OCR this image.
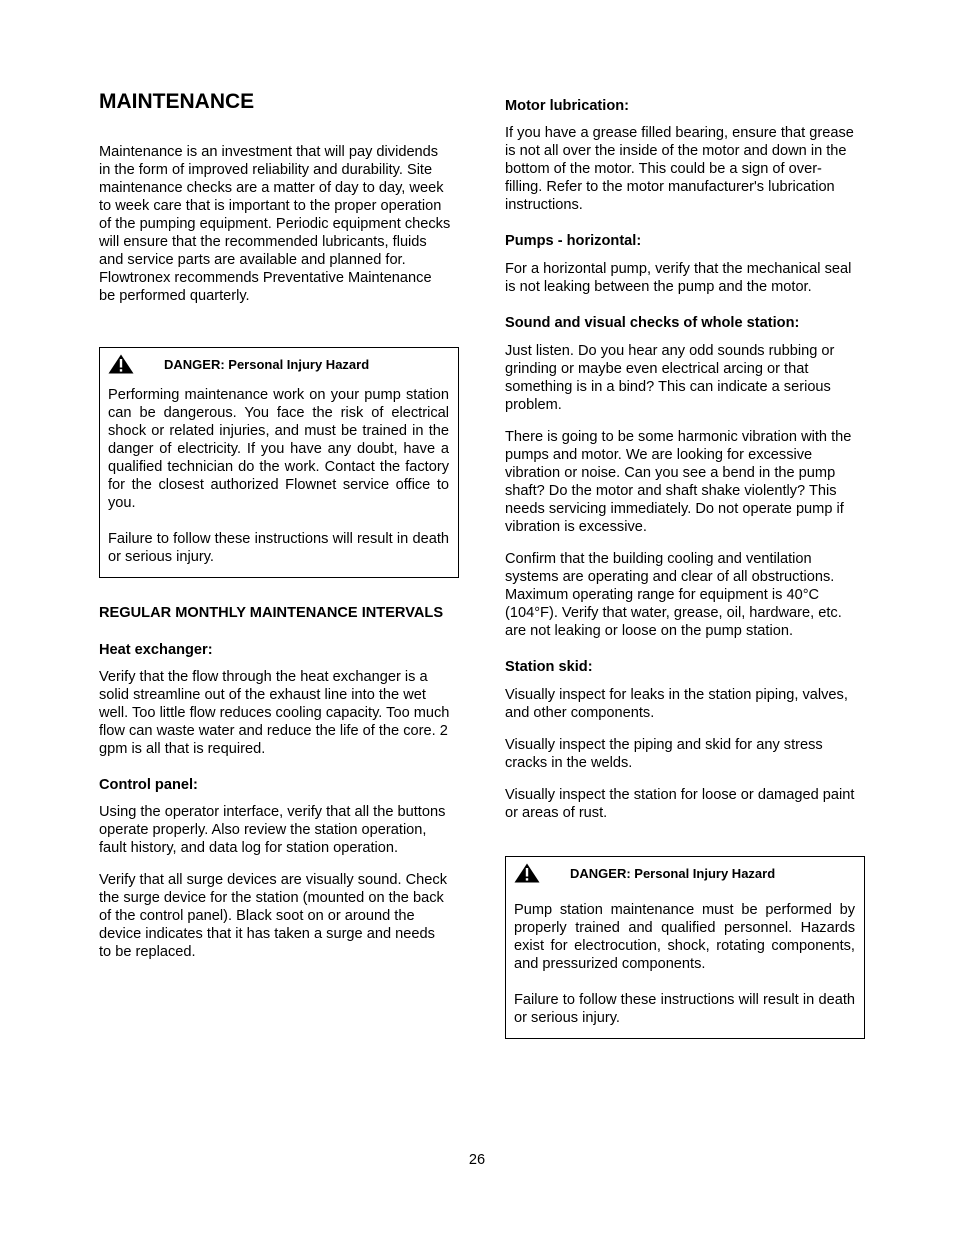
MAINTENANCE

Maintenance is an investment that will pay dividends in the form of improved reliability and durability. Site maintenance checks are a matter of day to day, week to week care that is important to the proper operation of the pumping equipment. Periodic equipment checks will ensure that the recommended lubricants, fluids and service parts are available and planned for. Flowtronex recommends Preventative Maintenance be performed quarterly.

DANGER: Personal Injury Hazard

Performing maintenance work on your pump station can be dangerous. You face the risk of electrical shock or related injuries, and must be trained in the danger of electricity. If you have any doubt, have a qualified technician do the work. Contact the factory for the closest authorized Flownet service office to you.

Failure to follow these instructions will result in death or serious injury.

REGULAR MONTHLY MAINTENANCE INTERVALS

Heat exchanger:

Verify that the flow through the heat exchanger is a solid streamline out of the exhaust line into the wet well. Too little flow reduces cooling capacity. Too much flow can waste water and reduce the life of the core. 2 gpm is all that is required.

Control panel:

Using the operator interface, verify that all the buttons operate properly. Also review the station operation, fault history, and data log for station operation.

Verify that all surge devices are visually sound. Check the surge device for the station (mounted on the back of the control panel). Black soot on or around the device indicates that it has taken a surge and needs to be replaced.

Motor lubrication:

If you have a grease filled bearing, ensure that grease is not all over the inside of the motor and down in the bottom of the motor. This could be a sign of over-filling. Refer to the motor manufacturer's lubrication instructions.

Pumps - horizontal:

For a horizontal pump, verify that the mechanical seal is not leaking between the pump and the motor.

Sound and visual checks of whole station:

Just listen. Do you hear any odd sounds rubbing or grinding or maybe even electrical arcing or that something is in a bind? This can indicate a serious problem.

There is going to be some harmonic vibration with the pumps and motor. We are looking for excessive vibration or noise. Can you see a bend in the pump shaft? Do the motor and shaft shake violently? This needs servicing immediately. Do not operate pump if vibration is excessive.

Confirm that the building cooling and ventilation systems are operating and clear of all obstructions. Maximum operating range for equipment is 40°C (104°F). Verify that water, grease, oil, hardware, etc. are not leaking or loose on the pump station.

Station skid:

Visually inspect for leaks in the station piping, valves, and other components.

Visually inspect the piping and skid for any stress cracks in the welds.

Visually inspect the station for loose or damaged paint or areas of rust.

DANGER: Personal Injury Hazard

Pump station maintenance must be performed by properly trained and qualified personnel. Hazards exist for electrocution, shock, rotating components, and pressurized components.

Failure to follow these instructions will result in death or serious injury.

26
